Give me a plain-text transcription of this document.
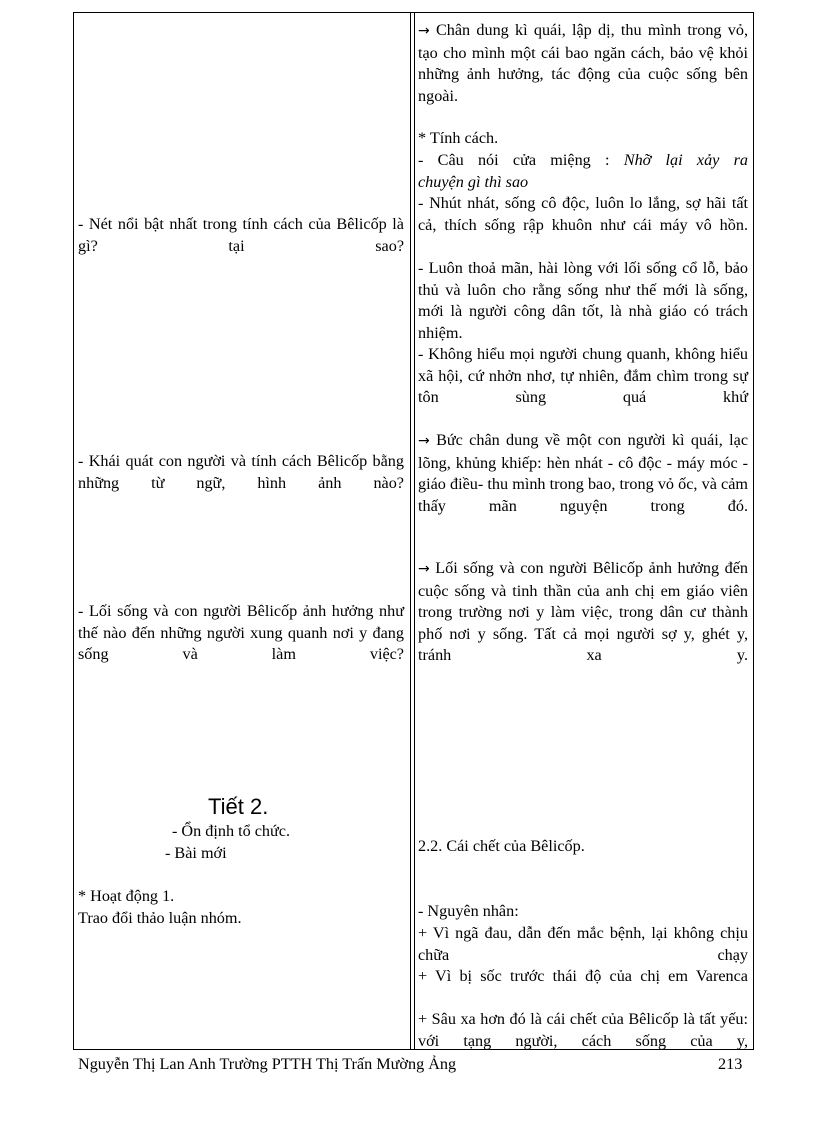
→ Chân dung kì quái, lập dị, thu mình trong vỏ, tạo cho mình một cái bao ngăn cách, bảo vệ khỏi những ảnh hưởng, tác động của cuộc sống bên ngoài.
* Tính cách.
- Câu nói cửa miệng : Nhỡ lại xảy ra
chuyện gì thì sao
- Nhút nhát, sống cô độc, luôn lo lắng, sợ hãi tất cả, thích sống rập khuôn như cái máy vô hồn.
- Luôn thoả mãn, hài lòng với lối sống cổ lỗ, bảo thủ và luôn cho rằng sống như thế mới là sống, mới là người công dân tốt, là nhà giáo có trách nhiệm.
- Không hiểu mọi người chung quanh, không hiểu xã hội, cứ nhởn nhơ, tự nhiên, đắm chìm trong sự tôn sùng quá khứ
→ Bức chân dung về một con người kì quái, lạc lõng, khủng khiếp: hèn nhát - cô độc - máy móc - giáo điều- thu mình trong bao, trong vỏ ốc, và cảm thấy mãn nguyện trong đó.
→ Lối sống và con người Bêlicốp ảnh hưởng đến cuộc sống và tinh thần của anh chị em giáo viên trong trường nơi y làm việc, trong dân cư thành phố nơi y sống. Tất cả mọi người sợ y, ghét y, tránh xa y.
2.2. Cái chết của Bêlicốp.
- Nguyên nhân:
+ Vì ngã đau, dẫn đến mắc bệnh, lại không chịu chữa chạy
+ Vì bị sốc trước thái độ của chị em Varenca
+ Sâu xa hơn đó là cái chết của Bêlicốp là tất yếu: với tạng người, cách sống của y,
- Nét nổi bật nhất trong tính cách của Bêlicốp là gì? tại sao?
- Khái quát con người và tính cách Bêlicốp bằng những từ ngữ, hình ảnh nào?
- Lối sống và con người Bêlicốp ảnh hưởng như thế nào đến những người xung quanh nơi y đang sống và làm việc?
Tiết 2.
- Ổn định tổ chức.
- Bài mới
* Hoạt động 1.
Trao đổi thảo luận nhóm.
Nguyễn Thị Lan Anh Trường PTTH Thị Trấn Mường Ảng	213
